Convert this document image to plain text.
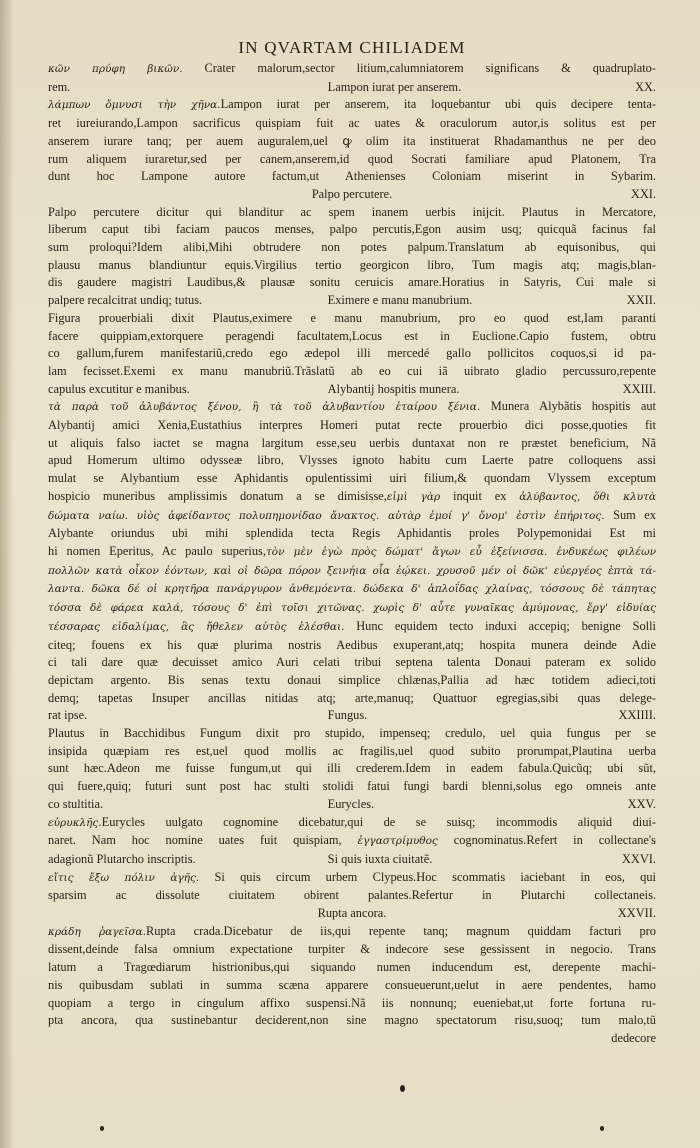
IN QVARTAM CHILIADEM
κῶν πρύφη βικῶν. Crater malorum,sector litium,calumniatorem significans & quadruplato-
rem.	Lampon iurat per anserem.
	XX.
λάμπων ὄμνυσι τὴν χῆνα.Lampon iurat per anserem, ita loquebantur ubi quis decipere tenta-
ret iureiurando,Lampon sacrificus quispiam fuit ac uates & oraculorum autor,is solitus est per
anserem iurare tanq; per auem auguralem,uel ꝙ olim ita instituerat Rhadamanthus ne per deo
rum aliquem iuraretur,sed per canem,anserem,id quod Socrati familiare apud Platonem, Tra
dunt hoc Lampone autore factum,ut Athenienses Coloniam miserint in Sybarim.
Palpo percutere.	XXI.
Palpo percutere dicitur qui blanditur ac spem inanem uerbis inijcit. Plautus in Mercatore,
liberum caput tibi faciam paucos menses, palpo percutis,Egon ausim usq; quicquã facinus fal
sum proloqui?Idem alibi,Mihi obtrudere non potes palpum.Translatum ab equisonibus, qui
plausu manus blandiuntur equis.Virgilius tertio georgicon libro, Tum magis atq; magis,blan-
dis gaudere magistri Laudibus,& plausæ sonitu ceruicis amare.Horatius in Satyris, Cui male si
palpere recalcitrat undiq; tutus.	Eximere e manu manubrium.
	XXII.
Figura prouerbiali dixit Plautus,eximere e manu manubrium, pro eo quod est,Iam paranti
facere quippiam,extorquere peragendi facultatem,Locus est in Euclione.Capio fustem, obtru
co gallum,furem manifestariũ,credo ego ædepol illi mercedé gallo pollicitos coquos,si id pa-
lam fecisset.Exemi ex manu manubriũ.Trãslatũ ab eo cui iã uibrato gladio percussuro,repente
capulus excutitur e manibus.	Alybantij hospitis munera.
	XXIII.
τὰ παρὰ τοῦ ἀλυβάντος ξένου, ἢ τὰ τοῦ ἀλυβαντίου ἑταίρου ξένια. Munera Alybãtis hospitis aut
Alybantij amici Xenia,Eustathius interpres Homeri putat recte prouerbio dici posse,quoties fit
ut aliquis falso iactet se magna largitum esse,seu uerbis duntaxat non re præstet beneficium, Nã
apud Homerum ultimo odysseæ libro, Vlysses ignoto habitu cum Laerte patre colloquens assi
mulat se Alybantium esse Aphidantis opulentissimi uiri filium,& quondam Vlyssem exceptum
hospicio muneribus amplissimis donatum a se dimisisse,εἰμὶ γὰρ inquit ex ἀλύβαντος, ὅθι κλυτὰ
δώματα ναίω. υἱὸς ἀφείδαντος πολυπημονίδαο ἄνακτος. αὐτὰρ ἐμοί γ' ὄνομ' ἐστὶν ἐπήριτος. Sum ex
Alybante oriundus ubi mihi splendida tecta Regis Aphidantis proles Polypemonidai Est mi
hi nomen Eperitus, Ac paulo superius,τὸν μὲν ἐγὼ πρὸς δώματ' ἄγων εὖ ἐξείνισσα. ἐνδυκέως φιλέων
πολλῶν κατὰ οἶκον ἐόντων, καὶ οἱ δῶρα πόρον ξεινήια οἷα ἐῴκει. χρυσοῦ μέν οἱ δῶκ' εὐεργέος ἑπτὰ τά-
λαντα. δῶκα δέ οἱ κρητῆρα πανάργυρον ἀνθεμόεντα. δώδεκα δ' ἁπλοΐδας χλαίνας, τόσσους δὲ τάπητας
τόσσα δὲ φάρεα καλά, τόσους δ' ἐπὶ τοῖσι χιτῶνας. χωρὶς δ' αὖτε γυναῖκας ἀμύμονας, ἔργ' εἰδυίας
τέσσαρας εἰδαλίμας, ἃς ἤθελεν αὐτὸς ἑλέσθαι. Hunc equidem tecto induxi accepiq; benigne Solli
citeq; fouens ex his quæ plurima nostris Aedibus exuperant,atq; hospita munera deinde Adie
ci tali dare quæ decuisset amico Auri celati tribui septena talenta Donaui pateram ex solido
depictam argento. Bis senas textu donaui simplice chlænas,Pallia ad hæc totidem adieci,toti
demq; tapetas Insuper ancillas nitidas atq; arte,manuq; Quattuor egregias,sibi quas delege-
rat ipse.	Fungus.
	XXIIII.
Plautus in Bacchidibus Fungum dixit pro stupido, impenseq; credulo, uel quia fungus per se
insipida quæpiam res est,uel quod mollis ac fragilis,uel quod subito prorumpat,Plautina uerba
sunt hæc.Adeon me fuisse fungum,ut qui illi crederem.Idem in eadem fabula.Quicũq; ubi sũt,
qui fuere,quiq; futuri sunt post hac stulti stolidi fatui fungi bardi blenni,solus ego omneis ante
co stultitia.	Eurycles.
	XXV.
εὐρυκλῆς.Eurycles uulgato cognomine dicebatur,qui de se suisq; incommodis aliquid diui-
naret. Nam hoc nomine uates fuit quispiam, ἐγγαστρίμυθος cognominatus.Refert in collectane's
adagionũ Plutarcho inscriptis.	Si quis iuxta ciuitatẽ.
	XXVI.
εἴτις ἔξω πόλιν ἀγῆς. Si quis circum urbem Clypeus.Hoc scommatis iaciebant in eos, qui
sparsim ac dissolute ciuitatem obirent palantes.Refertur in Plutarchi collectaneis.
Rupta ancora.	XXVII.
κράδη ῥαγεῖσα.Rupta crada.Dicebatur de iis,qui repente tanq; magnum quiddam facturi pro
dissent,deinde falsa omnium expectatione turpiter & indecore sese gessissent in negocio. Trans
latum a Tragœdiarum histrionibus,qui siquando numen inducendum est, derepente machi-
nis quibusdam sublati in summa scæna apparere consueuerunt,uelut in aere pendentes, hamo
quopiam a tergo in cingulum affixo suspensi.Nã iis nonnunq; eueniebat,ut forte fortuna ru-
pta ancora, qua sustinebantur deciderent,non sine magno spectatorum risu,suoq; tum malo,tũ
dedecore
